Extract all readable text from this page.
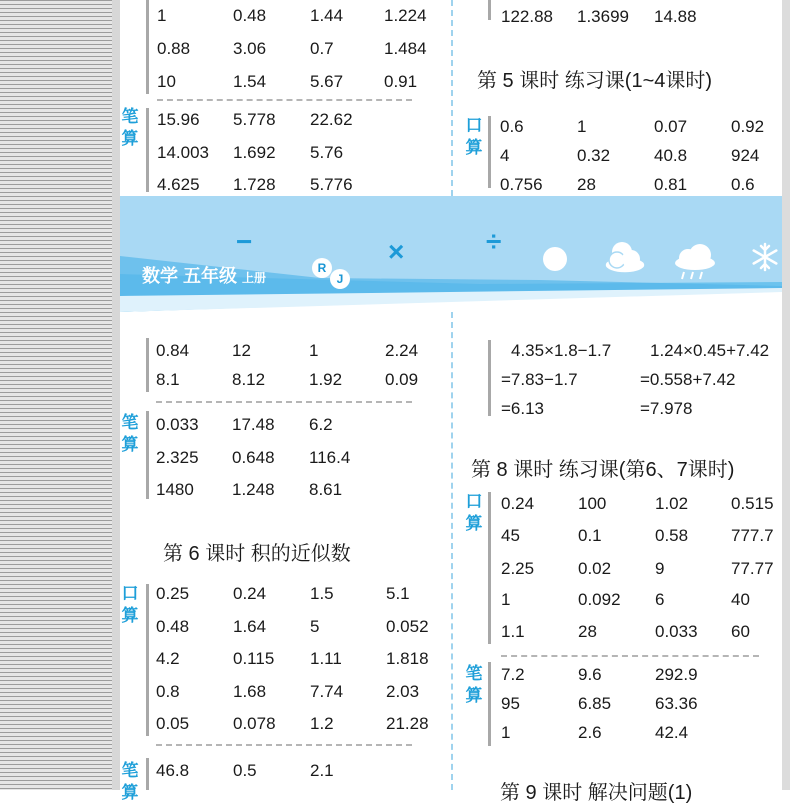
1	0.48	1.44 1.224
0.88	3.06	0.7	1.484
10	1.54	5.67 0.91
笔
算
15.96 5.778 22.62
14.003 1.692 5.76
4.625 1.728 5.776
122.88 1.3699 14.88
第 5 课时 练习课(1~4课时)
口
算
0.6	1	0.07	0.92
4	0.32	40.8	924
0.756 28	0.81	0.6
数学 五年级 上册
R
J
−	×	÷
0.84	12	1	2.24
8.1	8.12	1.92	0.09
笔
算
0.033 17.48 6.2
2.325 0.648 116.4
1480 1.248 8.61
第 6 课时 积的近似数
口
算
0.25	0.24	1.5	5.1
0.48	1.64	5	0.052
4.2	0.115 1.11	1.818
0.8	1.68	7.74	2.03
0.05	0.078 1.2	21.28
笔
算
46.8	0.5	2.1
4.35×1.8−1.7 1.24×0.45+7.42
=7.83−1.7	=0.558+7.42
=6.13	=7.978
第 8 课时 练习课(第6、7课时)
口
算
0.24	100	1.02	0.515
45	0.1	0.58	777.7
2.25	0.02	9	77.77
1	0.092 6	40
1.1	28	0.033 60
笔
算
7.2	9.6	292.9
95	6.85	63.36
1	2.6	42.4
第 9 课时 解决问题(1)
